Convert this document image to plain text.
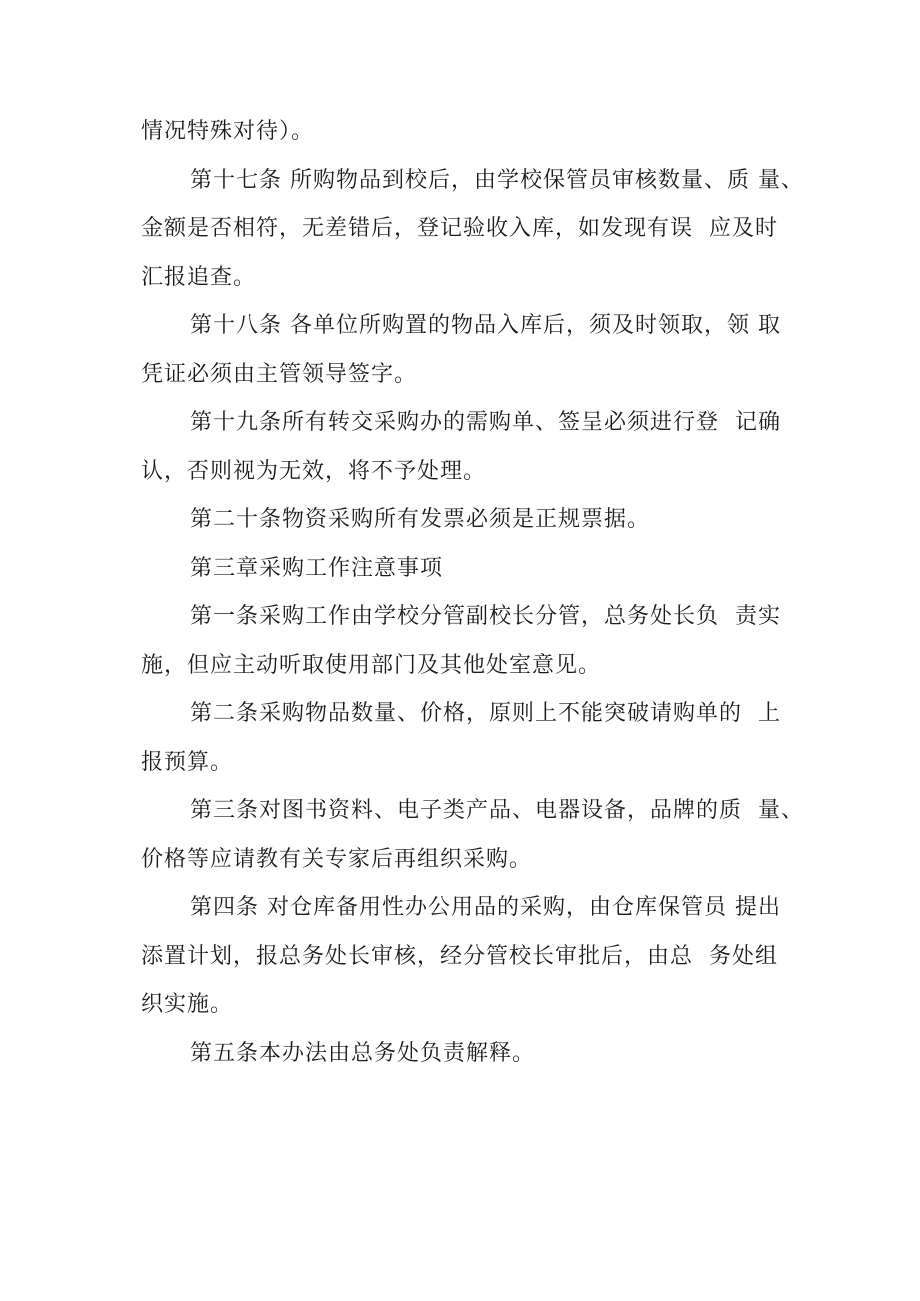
情况特殊对待）。
第十七条 所购物品到校后，由学校保管员审核数量、质 量、
金额是否相符，无差错后，登记验收入库，如发现有误  应及时
汇报追查。
第十八条 各单位所购置的物品入库后，须及时领取，领 取
凭证必须由主管领导签字。
第十九条所有转交采购办的需购单、签呈必须进行登  记确
认，否则视为无效，将不予处理。
第二十条物资采购所有发票必须是正规票据。
第三章采购工作注意事项
第一条采购工作由学校分管副校长分管，总务处长负  责实
施，但应主动听取使用部门及其他处室意见。
第二条采购物品数量、价格，原则上不能突破请购单的  上
报预算。
第三条对图书资料、电子类产品、电器设备，品牌的质  量、
价格等应请教有关专家后再组织采购。
第四条 对仓库备用性办公用品的采购，由仓库保管员 提出
添置计划，报总务处长审核，经分管校长审批后，由总  务处组
织实施。
第五条本办法由总务处负责解释。
